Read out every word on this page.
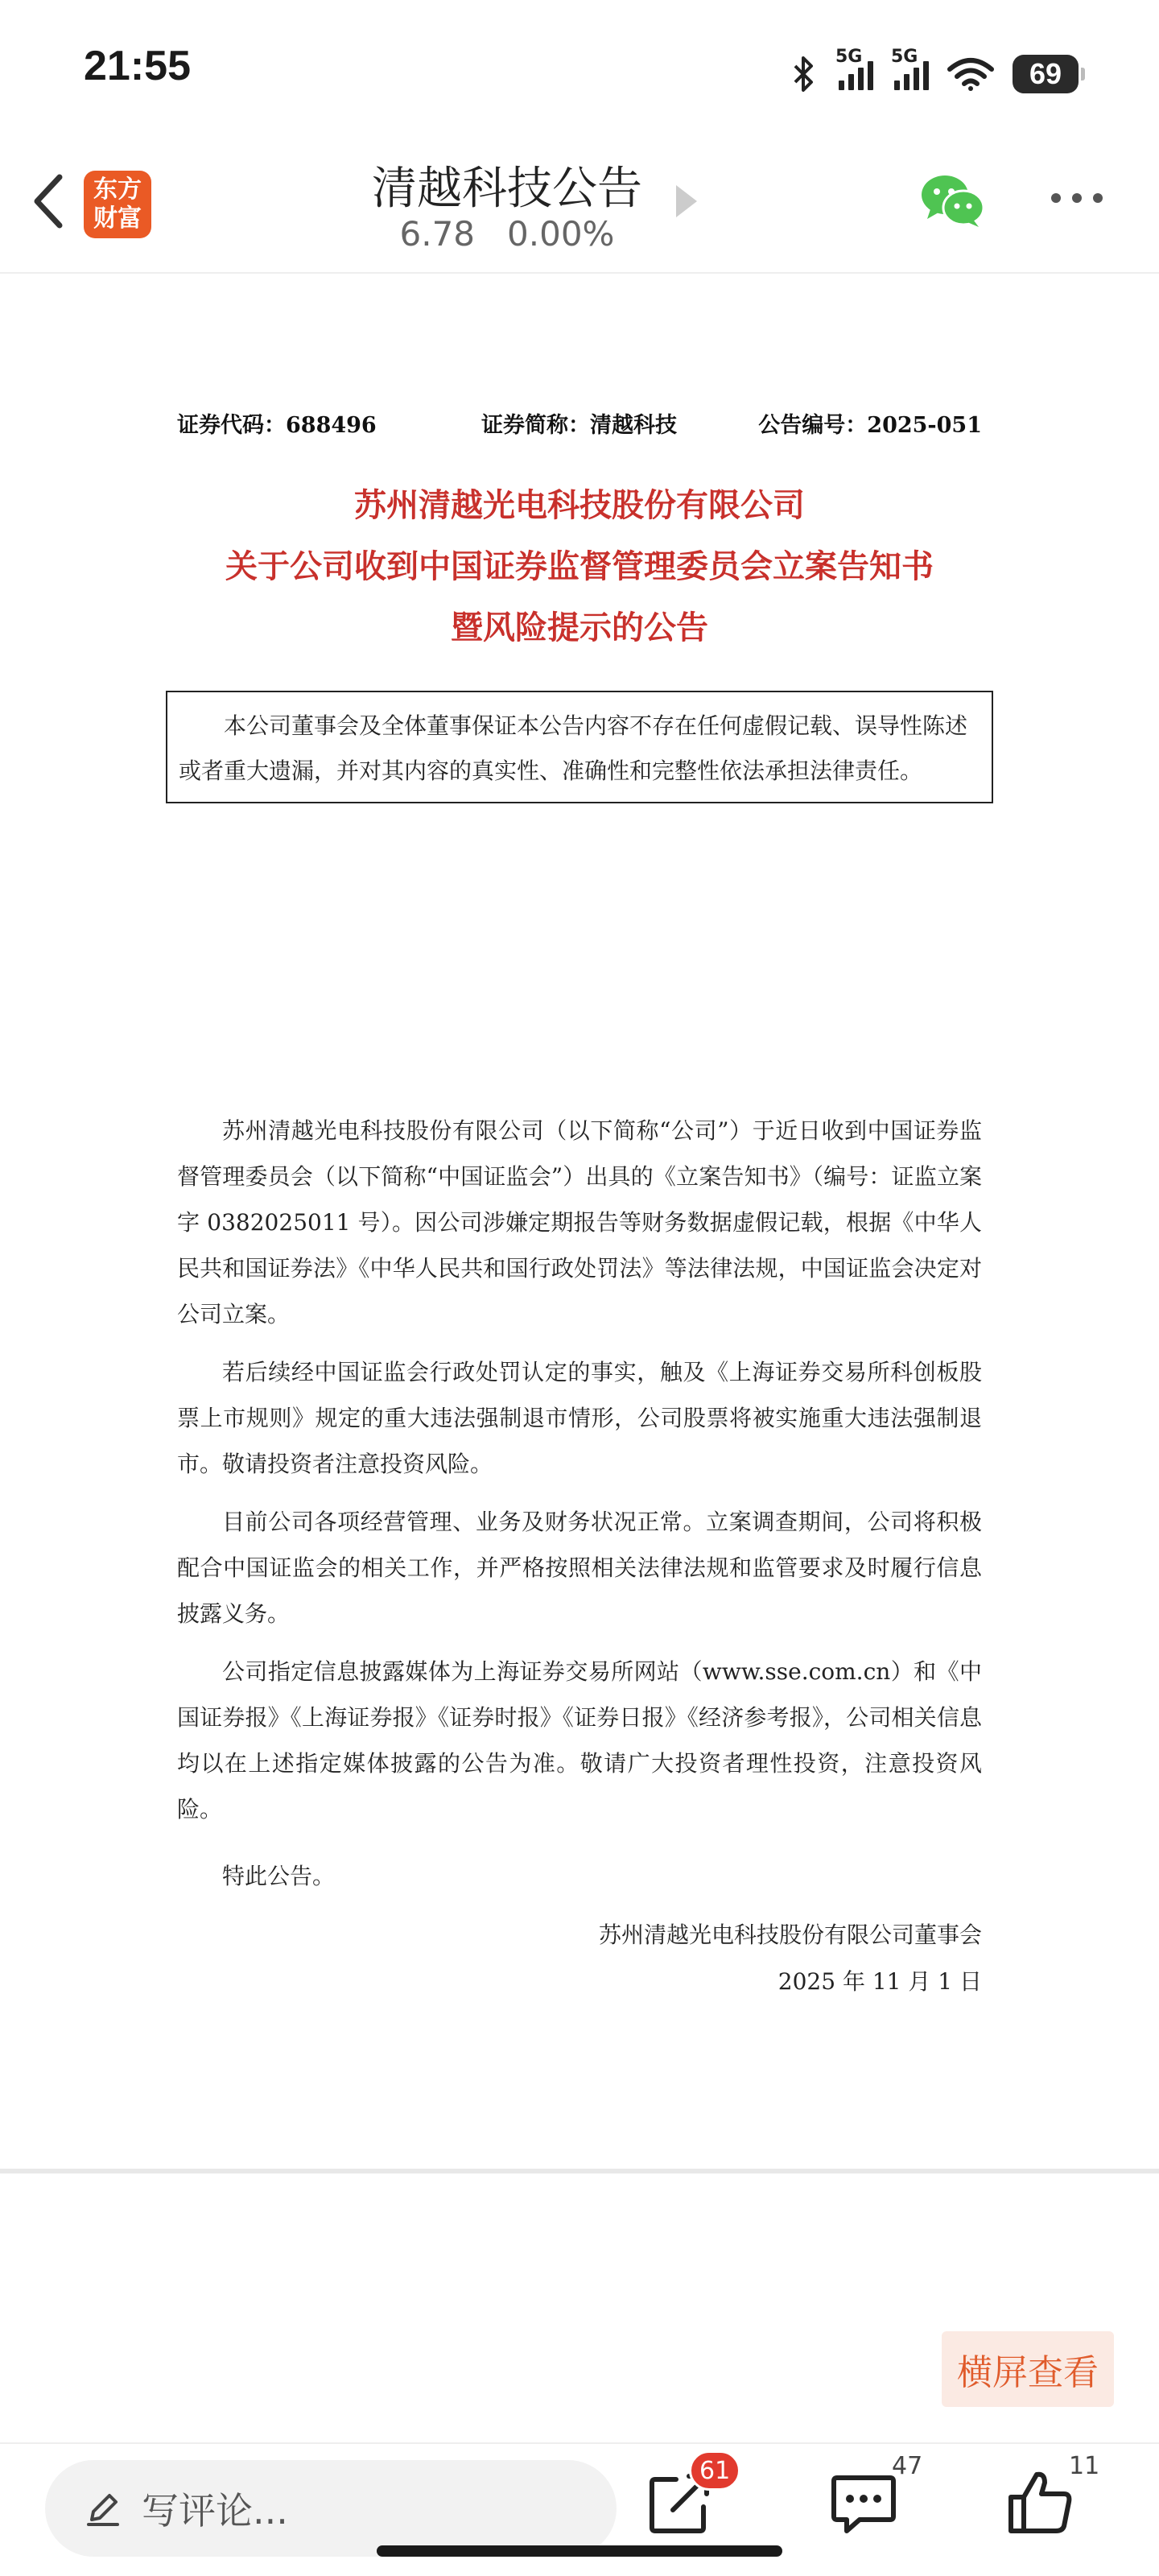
21:55	5G 5G
69
东方财富
清越科技公告
6.78 0.00%
证券代码：688496	证券简称：清越科技	公告编号：2025-051
苏州清越光电科技股份有限公司
关于公司收到中国证券监督管理委员会立案告知书
暨风险提示的公告
本公司董事会及全体董事保证本公告内容不存在任何虚假记载、误导性陈述或者重大遗漏，并对其内容的真实性、准确性和完整性依法承担法律责任。
苏州清越光电科技股份有限公司（以下简称“公司”）于近日收到中国证券监督管理委员会（以下简称“中国证监会”）出具的《立案告知书》（编号：证监立案字 0382025011 号）。因公司涉嫌定期报告等财务数据虚假记载，根据《中华人民共和国证券法》《中华人民共和国行政处罚法》等法律法规，中国证监会决定对公司立案。
若后续经中国证监会行政处罚认定的事实，触及《上海证券交易所科创板股票上市规则》规定的重大违法强制退市情形，公司股票将被实施重大违法强制退市。敬请投资者注意投资风险。
目前公司各项经营管理、业务及财务状况正常。立案调查期间，公司将积极配合中国证监会的相关工作，并严格按照相关法律法规和监管要求及时履行信息披露义务。
公司指定信息披露媒体为上海证券交易所网站（www.sse.com.cn）和《中国证券报》《上海证券报》《证券时报》《证券日报》《经济参考报》，公司相关信息均以在上述指定媒体披露的公告为准。敬请广大投资者理性投资，注意投资风险。
特此公告。
苏州清越光电科技股份有限公司董事会
2025 年 11 月 1 日
横屏查看
写评论...
61	47	11
